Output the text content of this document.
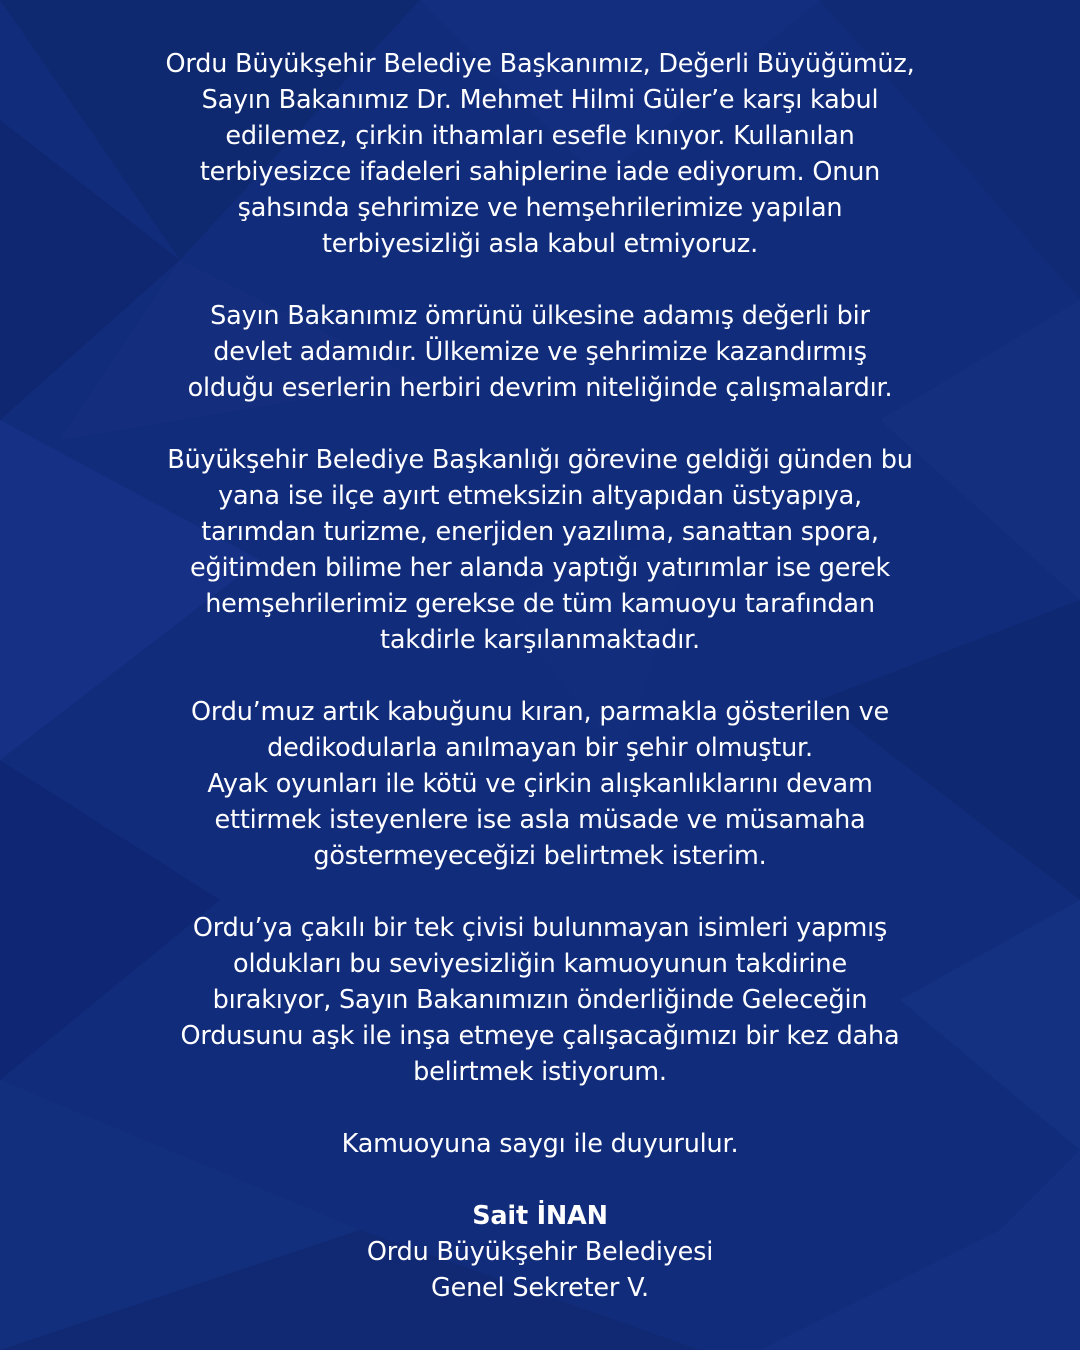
Ordu Büyükşehir Belediye Başkanımız, Değerli Büyüğümüz,
Sayın Bakanımız Dr. Mehmet Hilmi Güler’e karşı kabul
edilemez, çirkin ithamları esefle kınıyor. Kullanılan
terbiyesizce ifadeleri sahiplerine iade ediyorum. Onun
şahsında şehrimize ve hemşehrilerimize yapılan
terbiyesizliği asla kabul etmiyoruz.
Sayın Bakanımız ömrünü ülkesine adamış değerli bir
devlet adamıdır. Ülkemize ve şehrimize kazandırmış
olduğu eserlerin herbiri devrim niteliğinde çalışmalardır.
Büyükşehir Belediye Başkanlığı görevine geldiği günden bu
yana ise ilçe ayırt etmeksizin altyapıdan üstyapıya,
tarımdan turizme, enerjiden yazılıma, sanattan spora,
eğitimden bilime her alanda yaptığı yatırımlar ise gerek
hemşehrilerimiz gerekse de tüm kamuoyu tarafından
takdirle karşılanmaktadır.
Ordu’muz artık kabuğunu kıran, parmakla gösterilen ve
dedikodularla anılmayan bir şehir olmuştur.
Ayak oyunları ile kötü ve çirkin alışkanlıklarını devam
ettirmek isteyenlere ise asla müsade ve müsamaha
göstermeyeceğizi belirtmek isterim.
Ordu’ya çakılı bir tek çivisi bulunmayan isimleri yapmış
oldukları bu seviyesizliğin kamuoyunun takdirine
bırakıyor, Sayın Bakanımızın önderliğinde Geleceğin
Ordusunu aşk ile inşa etmeye çalışacağımızı bir kez daha
belirtmek istiyorum.
Kamuoyuna saygı ile duyurulur.
Sait İNAN
Ordu Büyükşehir Belediyesi
Genel Sekreter V.
